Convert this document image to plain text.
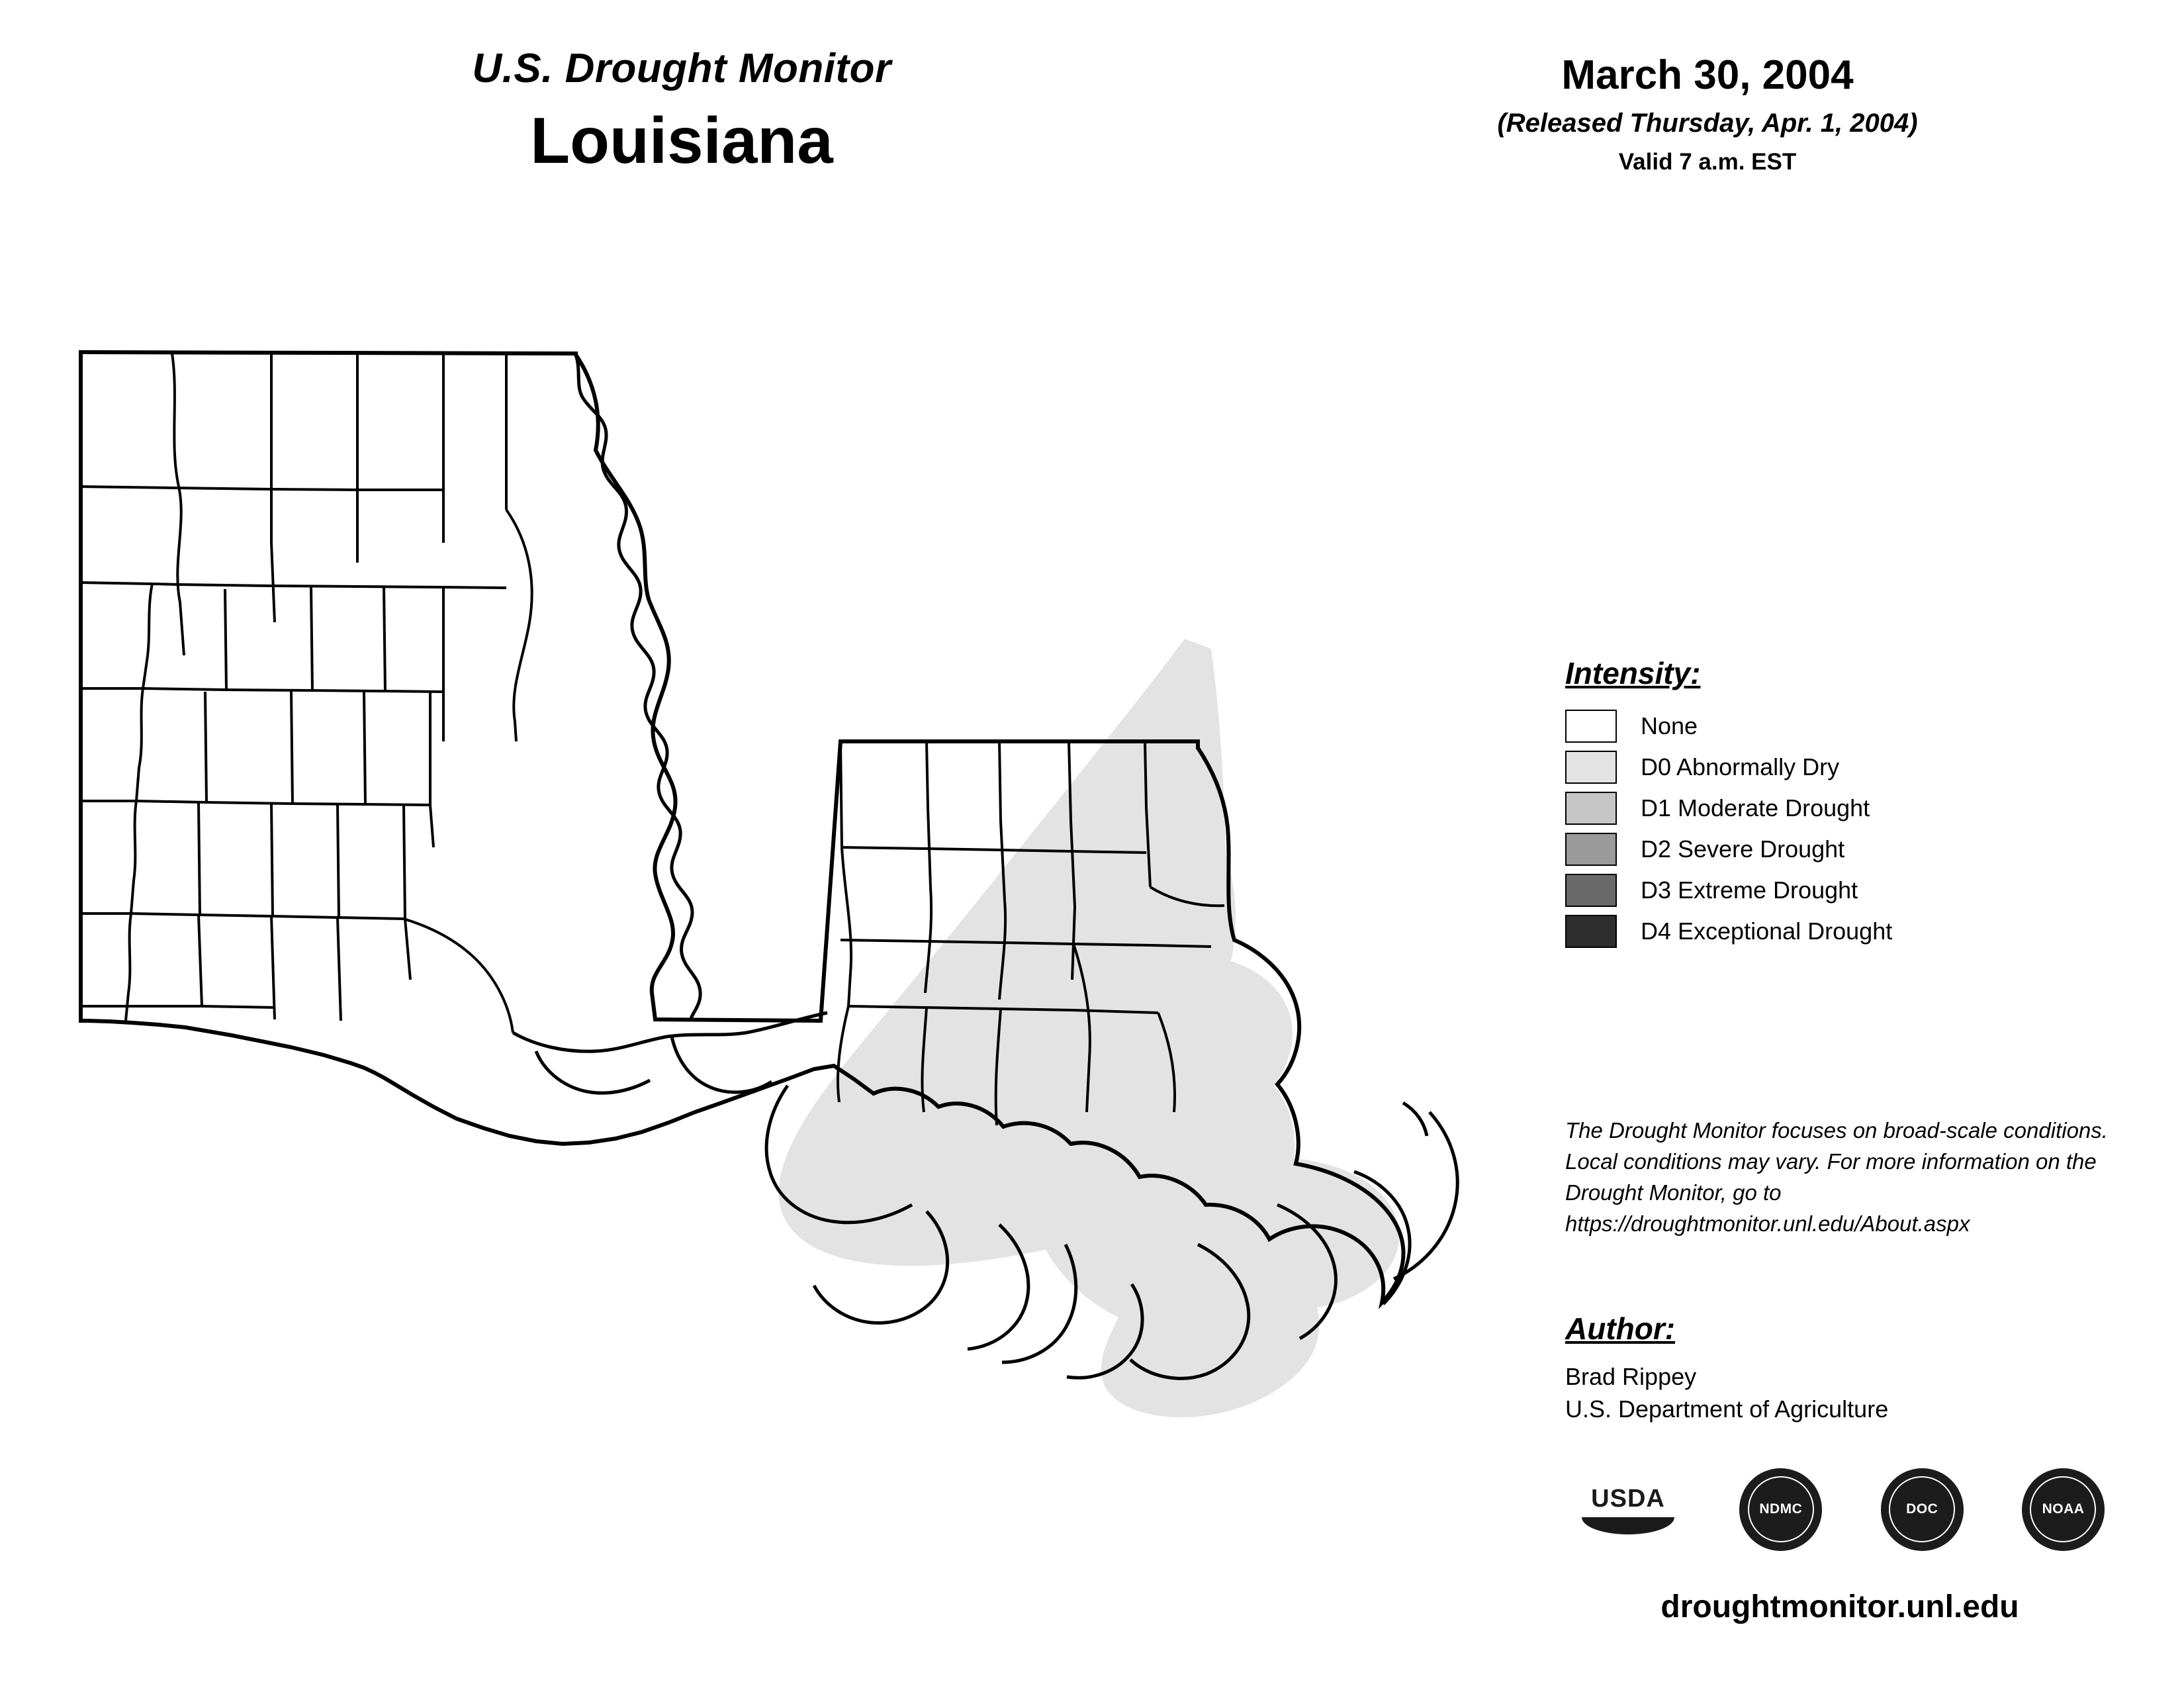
U.S. Drought Monitor
Louisiana
March 30, 2004
(Released Thursday, Apr. 1, 2004)
Valid 7 a.m. EST
Intensity:
None
D0 Abnormally Dry
D1 Moderate Drought
D2 Severe Drought
D3 Extreme Drought
D4 Exceptional Drought
The Drought Monitor focuses on broad-scale conditions. Local conditions may vary. For more information on the Drought Monitor, go to https://droughtmonitor.unl.edu/About.aspx
Author:
Brad Rippey
U.S. Department of Agriculture
USDA	NDMC	DOC	NOAA
droughtmonitor.unl.edu
